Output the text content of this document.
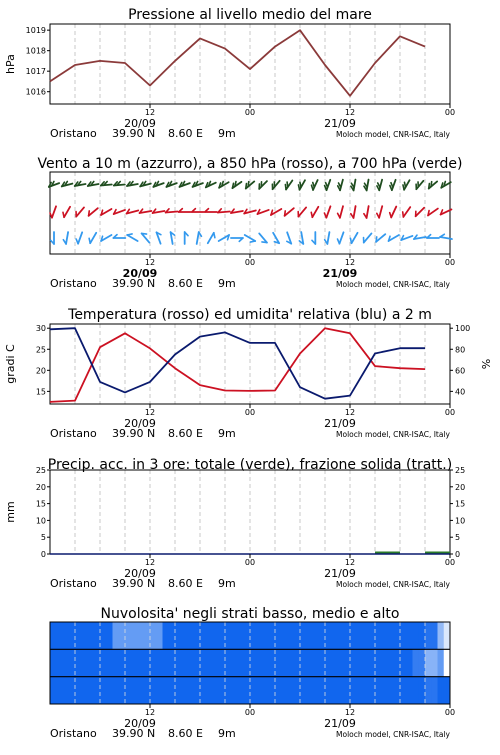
Pressione al livello medio del mare
1016
1017
1018
1019
hPa
12	00	12	00
20/09	21/09
Oristano 39.90 N 8.60 E 9m	Moloch model, CNR-ISAC, Italy
Vento a 10 m (azzurro), a 850 hPa (rosso), a 700 hPa (verde)
12	00	12	00
20/09	21/09
Moloch model, CNR-ISAC, Italy
Oristano 39.90 N 8.60 E 9m
Temperatura (rosso) ed umidita' relativa (blu) a 2 m
15
20
25
30
40
60
80
100
gradi C	%
12	00	12	00
20/09	21/09
Oristano 39.90 N 8.60 E 9m	Moloch model, CNR-ISAC, Italy
Precip. acc. in 3 ore: totale (verde), frazione solida (tratt.)
0
5
10
15
20
25
0
5
10
15
20
25
mm
12	00	12	00
20/09	21/09
Oristano 39.90 N 8.60 E 9m	Moloch model, CNR-ISAC, Italy
Nuvolosita' negli strati basso, medio e alto
12	00	12	00
20/09	21/09
Oristano 39.90 N 8.60 E 9m	Moloch model, CNR-ISAC, Italy
